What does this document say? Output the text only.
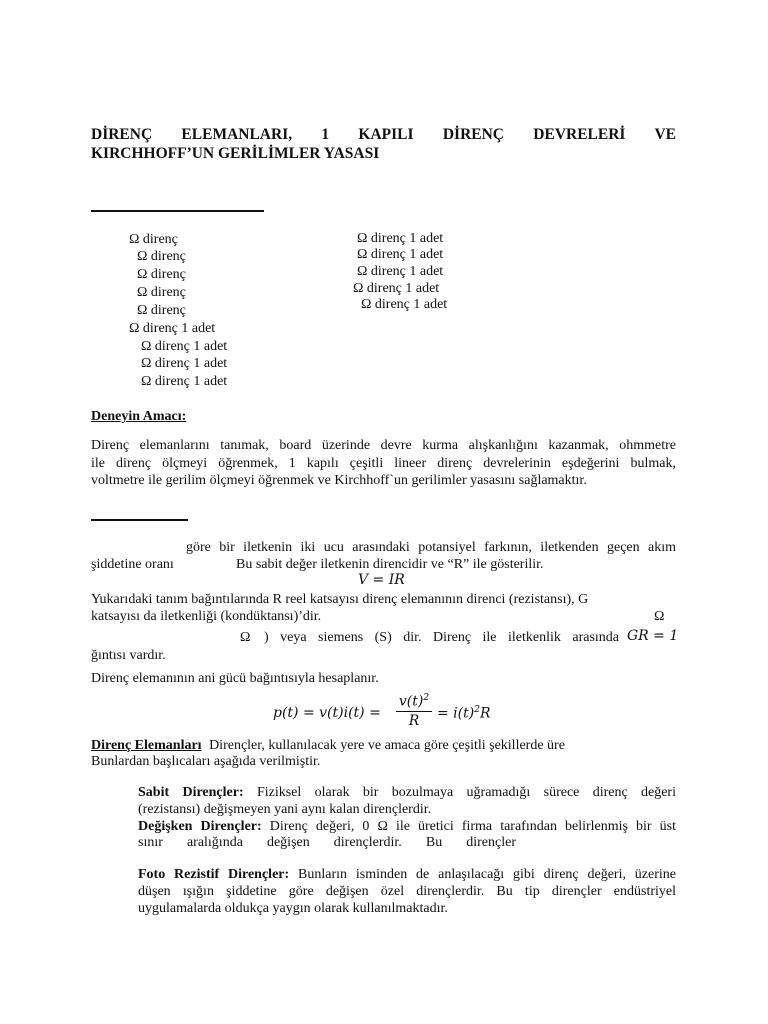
DİRENÇ ELEMANLARI, 1 KAPILI DİRENÇ DEVRELERİ VE
KIRCHHOFF’UN GERİLİMLER YASASI
Ω direnç
Ω direnç
Ω direnç
Ω direnç
Ω direnç
Ω direnç 1 adet
Ω direnç 1 adet
Ω direnç 1 adet
Ω direnç 1 adet
Ω direnç 1 adet
Ω direnç 1 adet
Ω direnç 1 adet
Ω direnç 1 adet
Ω direnç 1 adet
Deneyin Amacı:
Direnç elemanlarını tanımak, board üzerinde devre kurma alışkanlığını kazanmak, ohmmetre
ile direnç ölçmeyi öğrenmek, 1 kapılı çeşitli lineer direnç devrelerinin eşdeğerini bulmak,
voltmetre ile gerilim ölçmeyi öğrenmek ve Kirchhoff`un gerilimler yasasını sağlamaktır.
göre bir iletkenin iki ucu arasındaki potansiyel farkının, iletkenden geçen akım
şiddetine oranı	Bu sabit değer iletkenin direncidir ve “R” ile gösterilir.
V = IR
Yukarıdaki tanım bağıntılarında R reel katsayısı direnç elemanının direnci (rezistansı), G
katsayısı da iletkenliği (kondüktansı)’dir.	Ω
Ω ) veya siemens (S) dir. Direnç ile iletkenlik arasında GR = 1
ğıntısı vardır.
Direnç elemanının ani gücü bağıntısıyla hesaplanır.
p(t) = v(t)i(t) =
$v(t)^2$
R	= $i(t)^2R$
Direnç Elemanları Dirençler, kullanılacak yere ve amaca göre çeşitli şekillerde üre
Bunlardan başlıcaları aşağıda verilmiştir.
Sabit Dirençler: Fiziksel olarak bir bozulmaya uğramadığı sürece direnç değeri
(rezistansı) değişmeyen yani aynı kalan dirençlerdir.
Değişken Dirençler: Direnç değeri, 0 Ω ile üretici firma tarafından belirlenmiş bir üst
sınır aralığında değişen dirençlerdir. Bu dirençler
Foto Rezistif Dirençler: Bunların isminden de anlaşılacağı gibi direnç değeri, üzerine
düşen ışığın şiddetine göre değişen özel dirençlerdir. Bu tip dirençler endüstriyel
uygulamalarda oldukça yaygın olarak kullanılmaktadır.
